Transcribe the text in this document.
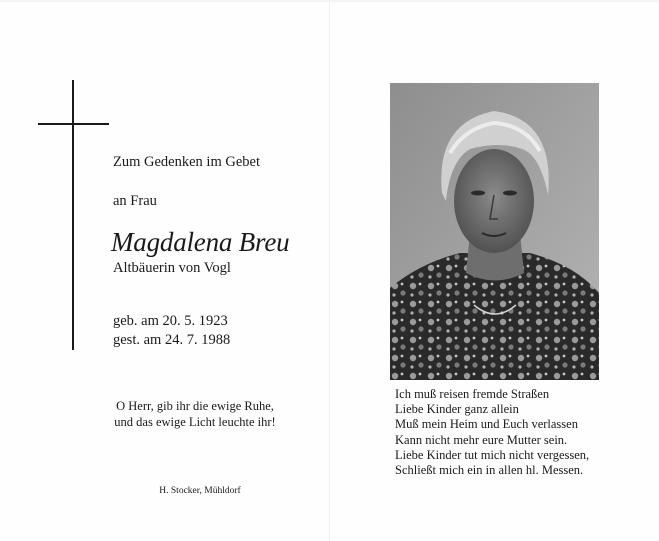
Zum Gedenken im Gebet
an Frau
Magdalena Breu
Altbäuerin von Vogl
geb. am 20. 5. 1923
gest. am 24. 7. 1988
O Herr, gib ihr die ewige Ruhe,
und das ewige Licht leuchte ihr!
H. Stocker, Mühldorf
Ich muß reisen fremde Straßen
Liebe Kinder ganz allein
Muß mein Heim und Euch verlassen
Kann nicht mehr eure Mutter sein.
Liebe Kinder tut mich nicht vergessen,
Schließt mich ein in allen hl. Messen.
